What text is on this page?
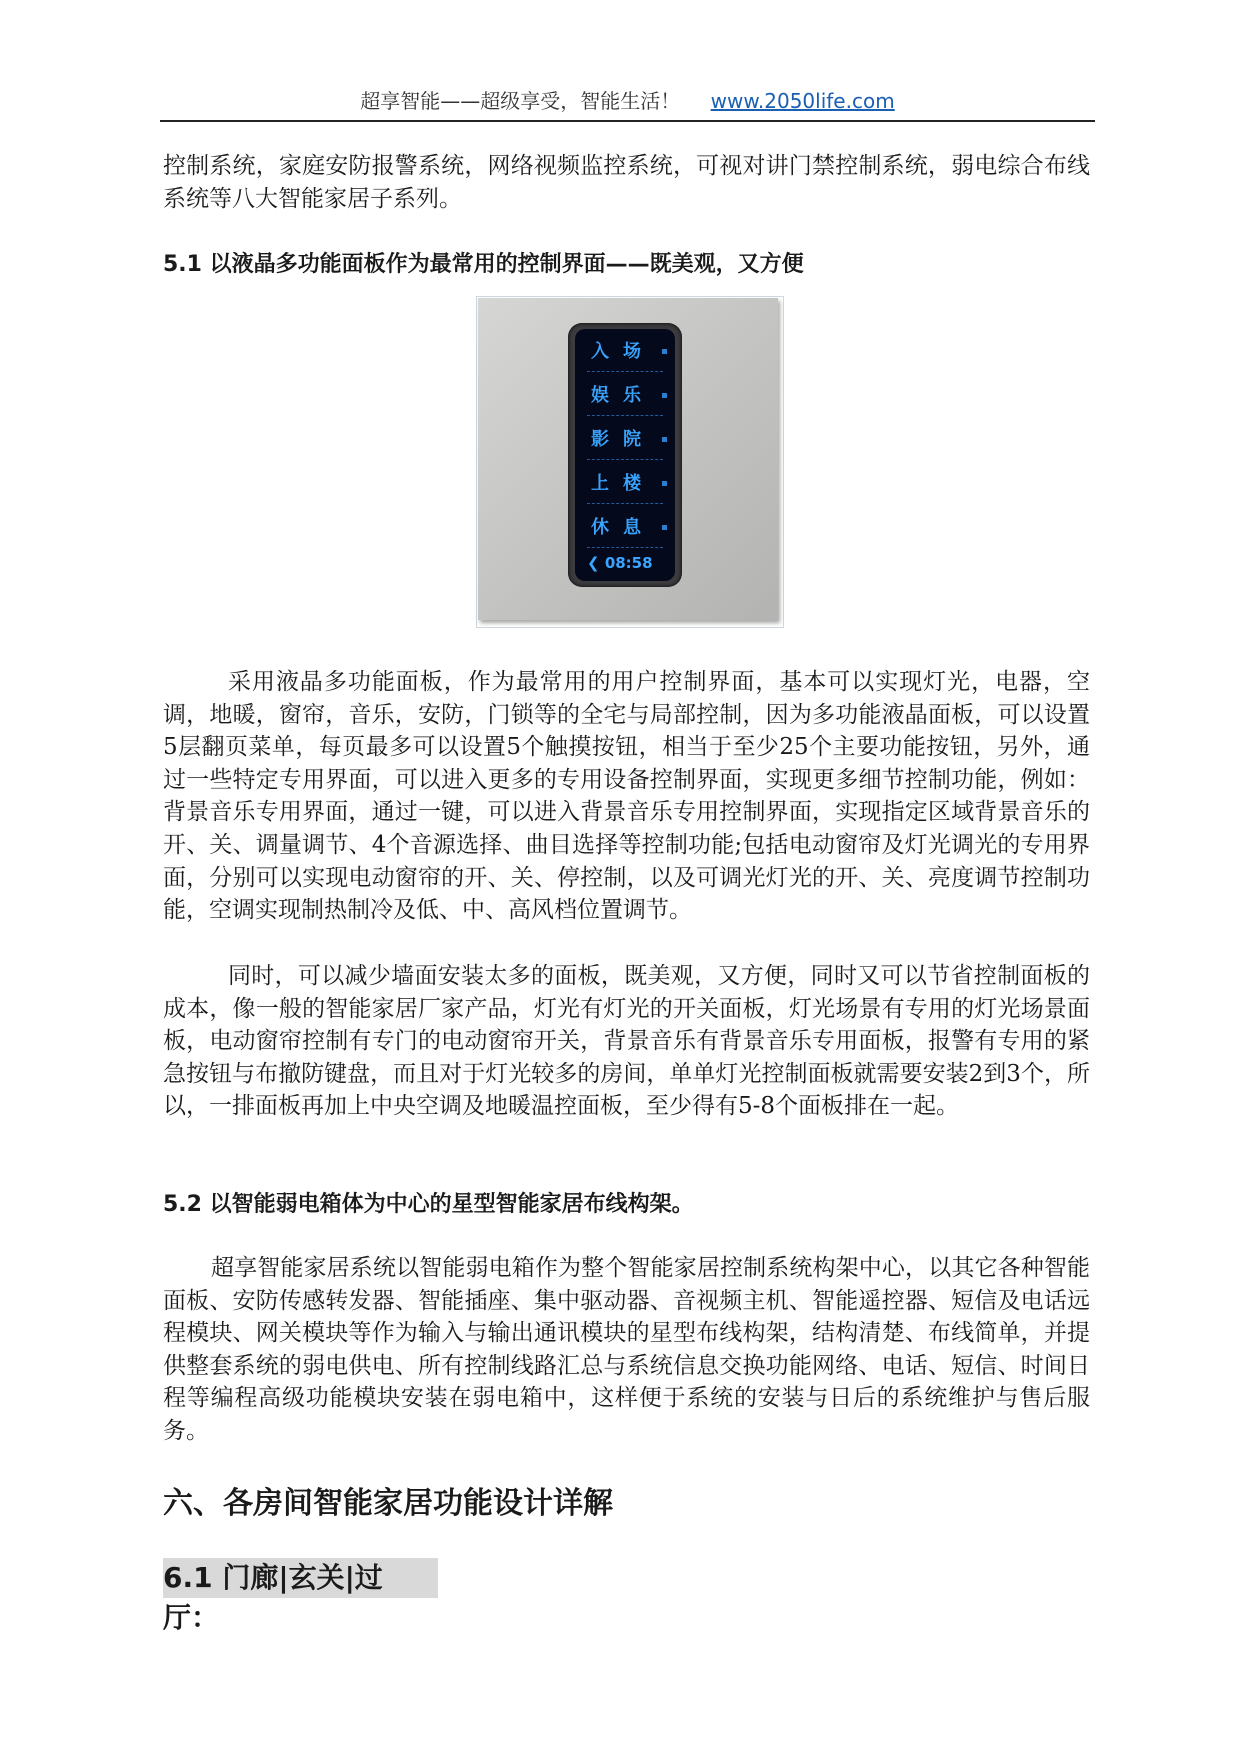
超享智能——超级享受，智能生活！ www.2050life.com

控制系统，家庭安防报警系统，网络视频监控系统，可视对讲门禁控制系统，弱电综合布线系统等八大智能家居子系列。

5.1 以液晶多功能面板作为最常用的控制界面——既美观，又方便
入场
娱乐
影院
上楼
休息
❮ 08:58

采用液晶多功能面板，作为最常用的用户控制界面，基本可以实现灯光，电器，空调，地暖，窗帘，音乐，安防，门锁等的全宅与局部控制，因为多功能液晶面板，可以设置5层翻页菜单，每页最多可以设置5个触摸按钮，相当于至少25个主要功能按钮，另外，通过一些特定专用界面，可以进入更多的专用设备控制界面，实现更多细节控制功能，例如：背景音乐专用界面，通过一键，可以进入背景音乐专用控制界面，实现指定区域背景音乐的开、关、调量调节、4个音源选择、曲目选择等控制功能;包括电动窗帘及灯光调光的专用界面，分别可以实现电动窗帘的开、关、停控制，以及可调光灯光的开、关、亮度调节控制功能，空调实现制热制冷及低、中、高风档位置调节。

同时，可以减少墙面安装太多的面板，既美观，又方便，同时又可以节省控制面板的成本，像一般的智能家居厂家产品，灯光有灯光的开关面板，灯光场景有专用的灯光场景面板，电动窗帘控制有专门的电动窗帘开关，背景音乐有背景音乐专用面板，报警有专用的紧急按钮与布撤防键盘，而且对于灯光较多的房间，单单灯光控制面板就需要安装2到3个，所以，一排面板再加上中央空调及地暖温控面板，至少得有5-8个面板排在一起。

5.2 以智能弱电箱体为中心的星型智能家居布线构架。

超享智能家居系统以智能弱电箱作为整个智能家居控制系统构架中心，以其它各种智能面板、安防传感转发器、智能插座、集中驱动器、音视频主机、智能遥控器、短信及电话远程模块、网关模块等作为输入与输出通讯模块的星型布线构架，结构清楚、布线简单，并提供整套系统的弱电供电、所有控制线路汇总与系统信息交换功能网络、电话、短信、时间日程等编程高级功能模块安装在弱电箱中，这样便于系统的安装与日后的系统维护与售后服务。

六、各房间智能家居功能设计详解
6.1 门廊|玄关|过厅：
